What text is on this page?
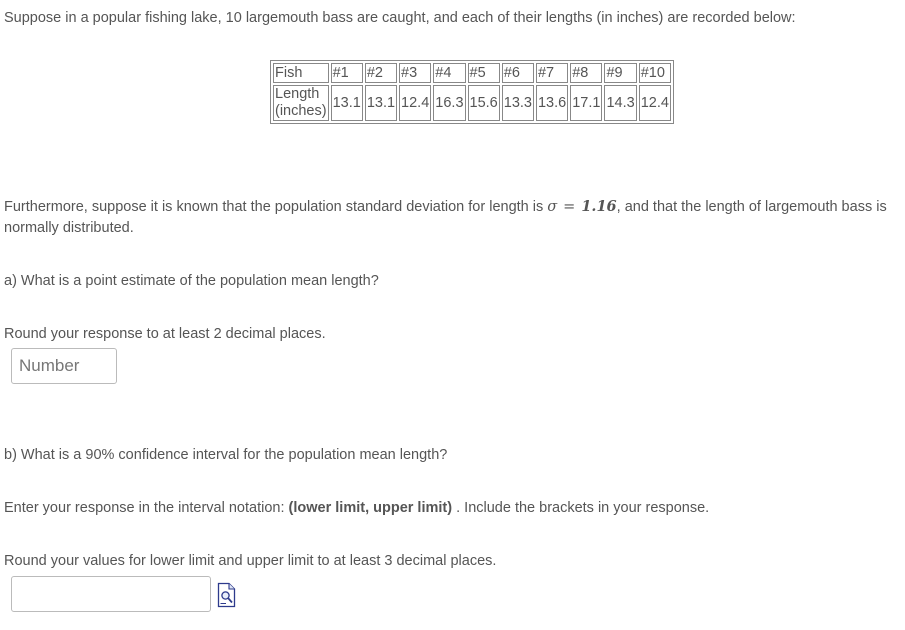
Suppose in a popular fishing lake, 10 largemouth bass are caught, and each of their lengths (in inches) are recorded below:
Fish	#1	#2	#3	#4	#5	#6	#7	#8	#9	#10
Length
(inches)	13.1	13.1	12.4	16.3	15.6	13.3	13.6	17.1	14.3	12.4
Furthermore, suppose it is known that the population standard deviation for length is σ = 1.16, and that the length of largemouth bass is normally distributed.
a) What is a point estimate of the population mean length?
Round your response to at least 2 decimal places.
Number
b) What is a 90% confidence interval for the population mean length?
Enter your response in the interval notation: (lower limit, upper limit) . Include the brackets in your response.
Round your values for lower limit and upper limit to at least 3 decimal places.
